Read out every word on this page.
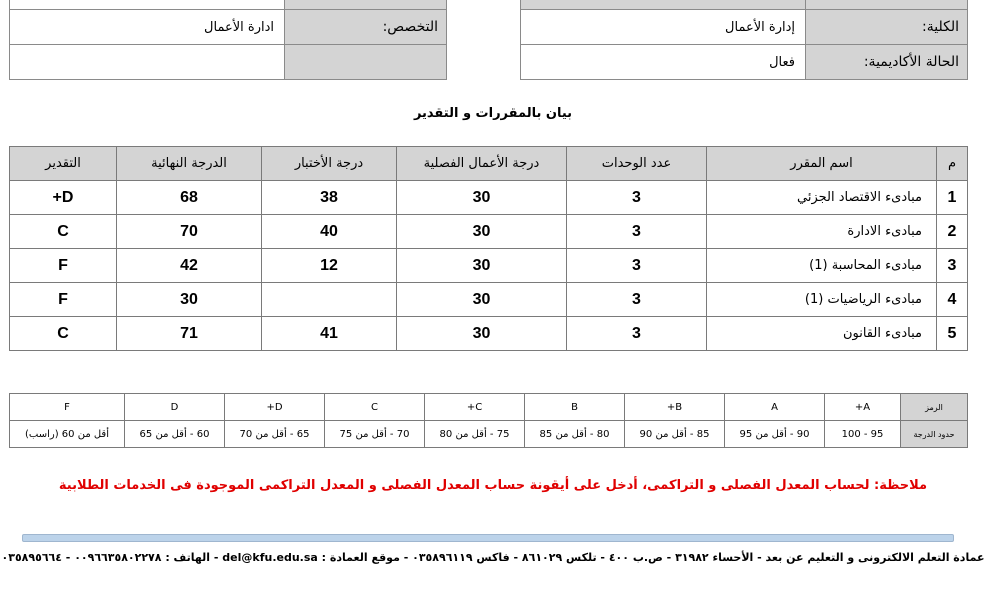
إدارة الأعمال	الكلية:
فعال	الحالة الأكاديمية:
ادارة الأعمال	التخصص:
بيان بالمقررات و التقدير
م	اسم المقرر	عدد الوحدات	درجة الأعمال الفصلية	درجة الأختبار	الدرجة النهائية	التقدير
1	مبادىء الاقتصاد الجزئي	3	30	38	68	D+
2	مبادىء الادارة	3	30	40	70	C
3	مبادىء المحاسبة (1)	3	30	12	42	F
4	مبادىء الرياضيات (1)	3	30		30	F
5	مبادىء القانون	3	30	41	71	C
الرمز	A+	A	B+	B	C+	C	D+	D	F
حدود الدرجة	95 - 100	90 - أقل من 95	85 - أقل من 90	80 - أقل من 85	75 - أقل من 80	70 - أقل من 75	65 - أقل من 70	60 - أقل من 65	أقل من 60 (راسب)
ملاحظة: لحساب المعدل الفصلى و التراكمى، أدخل على أيقونة حساب المعدل الفصلى و المعدل التراكمى الموجودة فى الخدمات الطلابية
عمادة التعلم الالكترونى و التعليم عن بعد - الأحساء ٣١٩٨٢ - ص.ب ٤٠٠ - تلكس ٨٦١٠٢٩ - فاكس ٠٣٥٨٩٦١١٩ - موقع العمادة : del@kfu.edu.sa - الهاتف : ٠٠٩٦٦٣٥٨٠٢٢٧٨ - ٠٣٥٨٩٥٦٦٤
